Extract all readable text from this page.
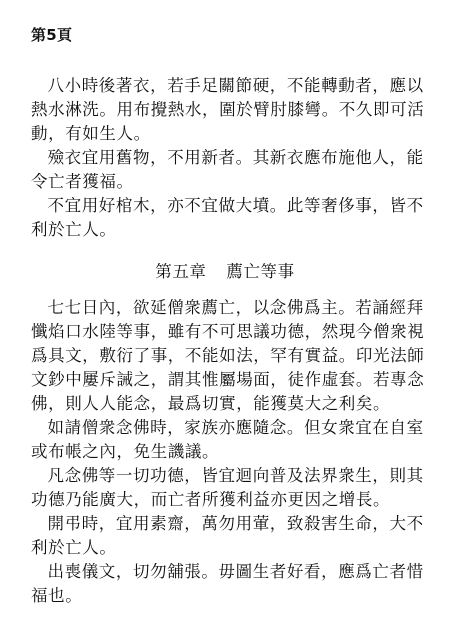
第5頁

八小時後著衣，若手足關節硬，不能轉動者，應以熱水淋洗。用布攪熱水，圍於臂肘膝彎。不久即可活動，有如生人。

殮衣宜用舊物，不用新者。其新衣應布施他人，能令亡者獲福。

不宜用好棺木，亦不宜做大墳。此等奢侈事，皆不利於亡人。

第五章 薦亡等事

七七日內，欲延僧衆薦亡，以念佛爲主。若誦經拜懺焰口水陸等事，雖有不可思議功德，然現今僧衆視爲具文，敷衍了事，不能如法，罕有實益。印光法師文鈔中屢斥誡之，謂其惟屬場面，徒作虛套。若專念佛，則人人能念，最爲切實，能獲莫大之利矣。

如請僧衆念佛時，家族亦應隨念。但女衆宜在自室或布帳之內，免生譏議。

凡念佛等一切功德，皆宜迴向普及法界衆生，則其功德乃能廣大，而亡者所獲利益亦更因之增長。

開弔時，宜用素齋，萬勿用葷，致殺害生命，大不利於亡人。

出喪儀文，切勿舖張。毋圖生者好看，應爲亡者惜福也。
